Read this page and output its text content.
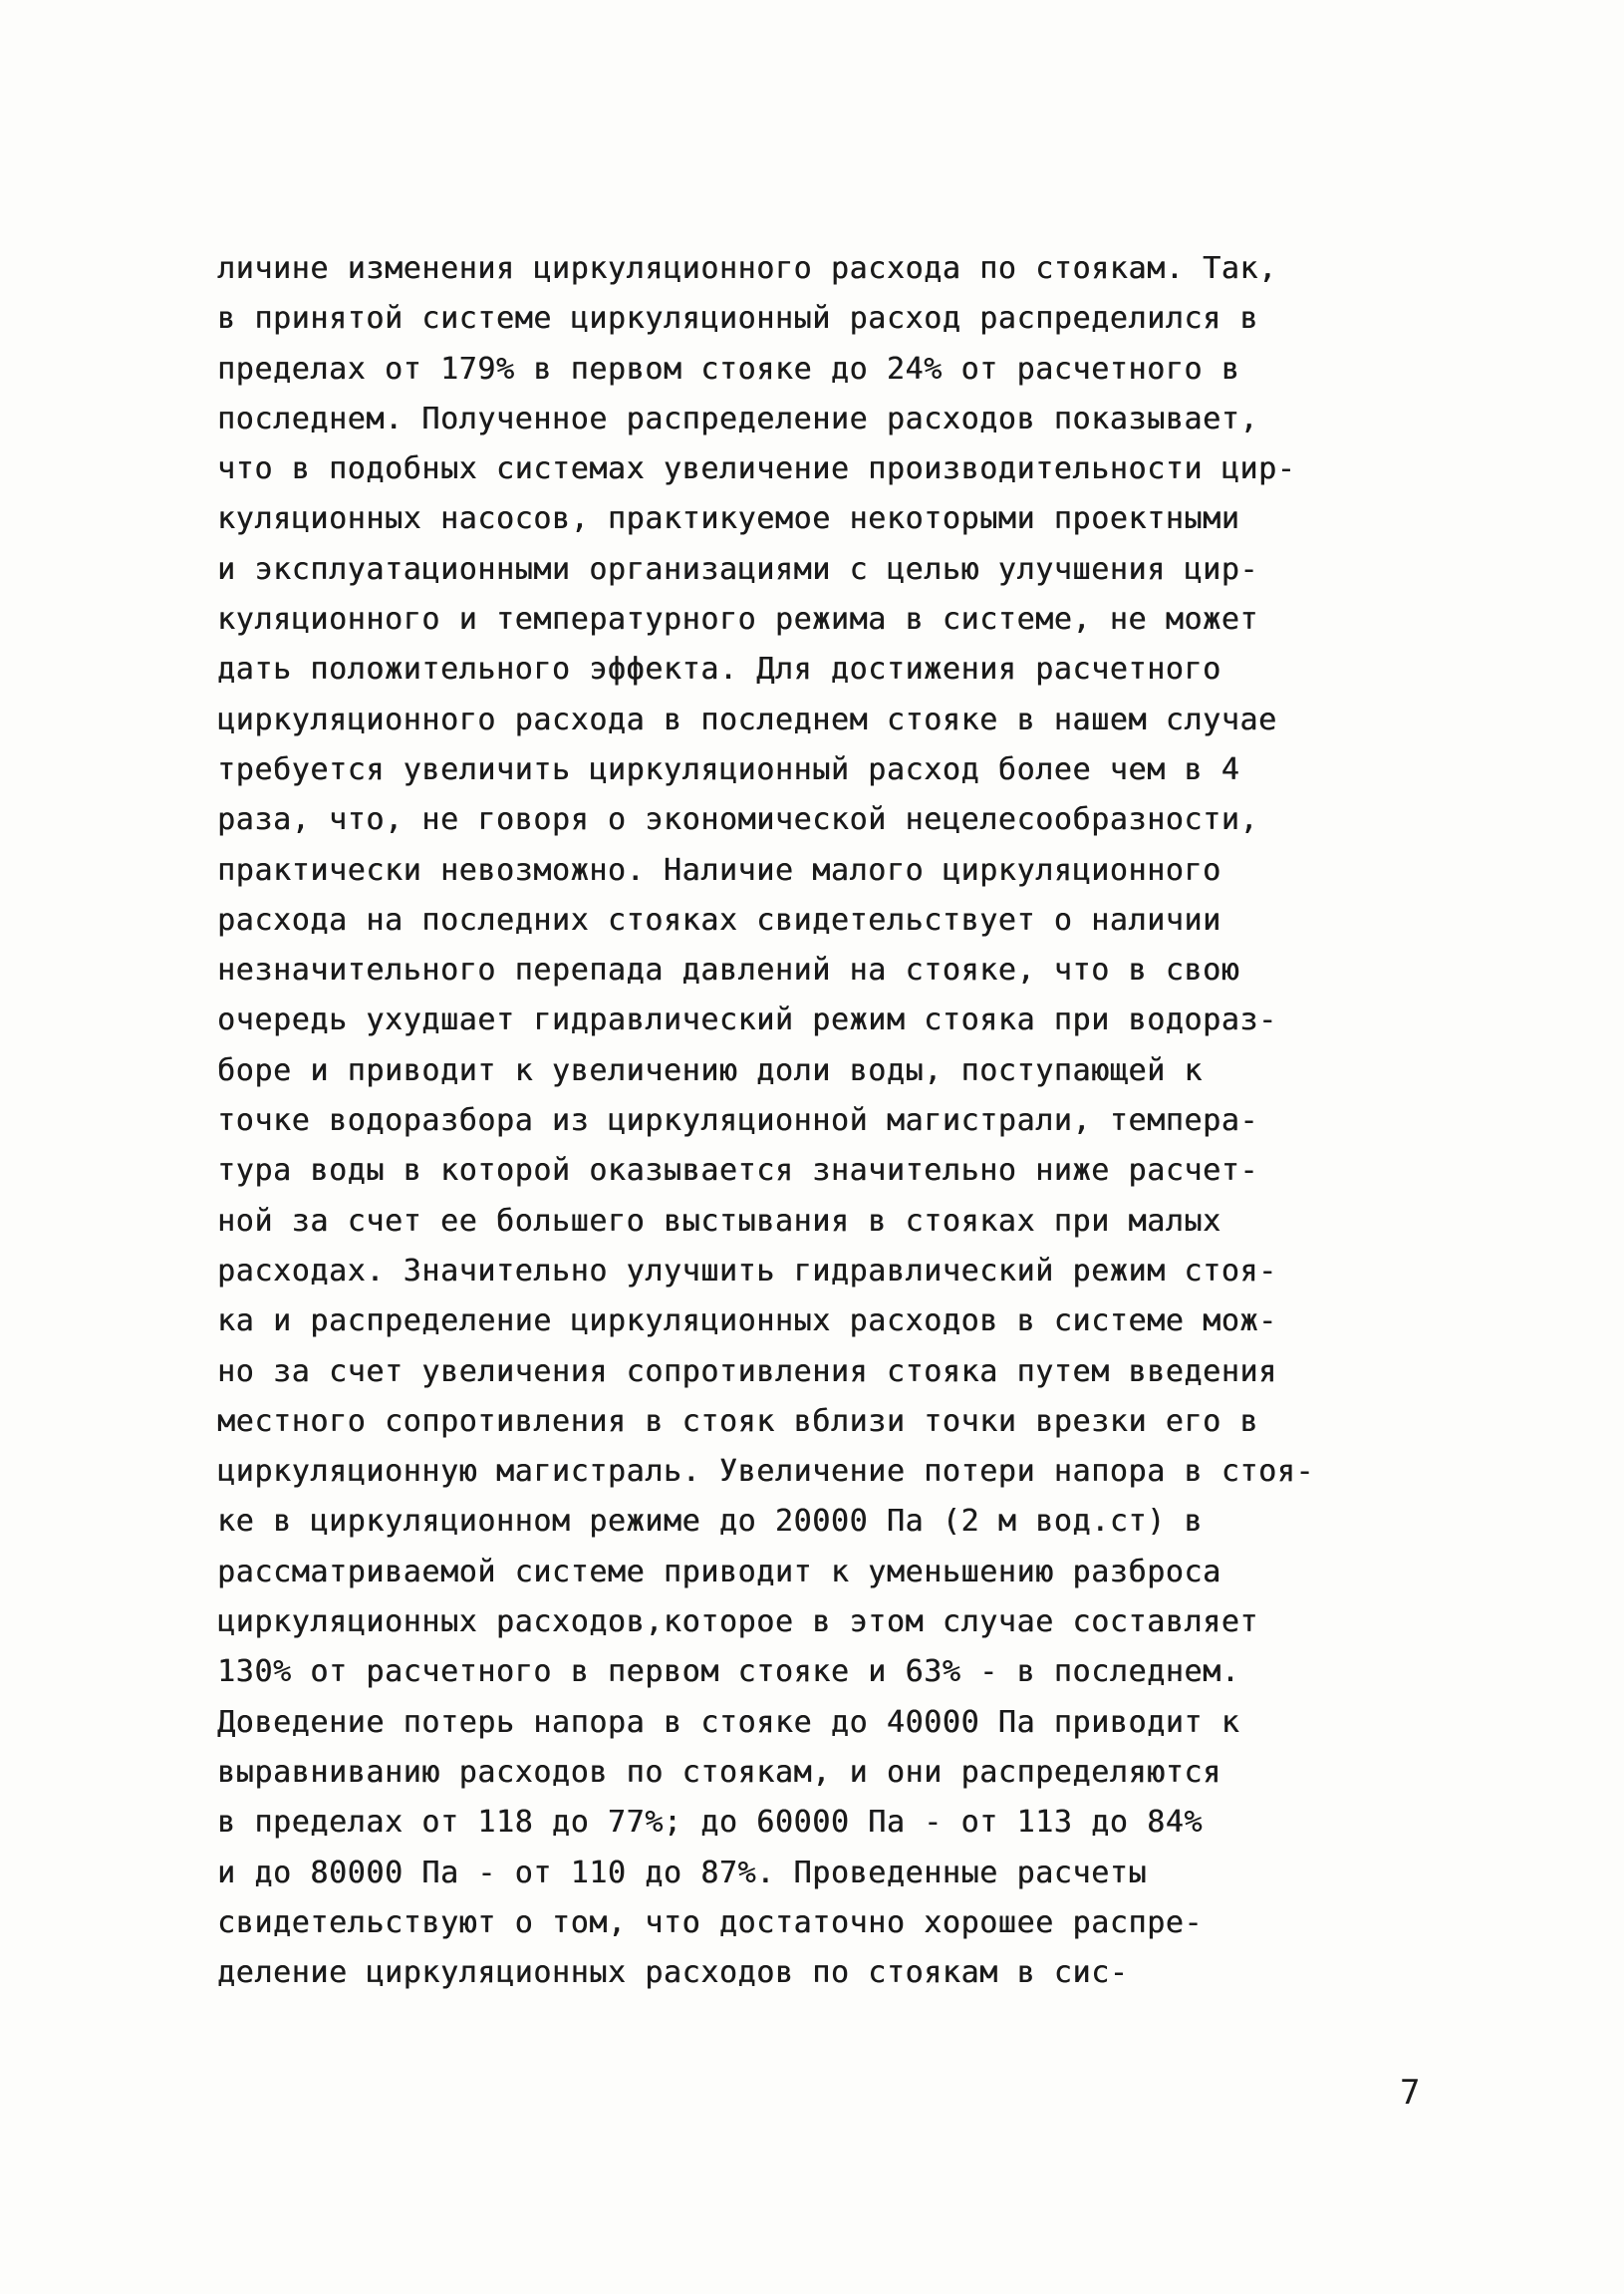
личине изменения циркуляционного расхода по стоякам. Так,
в принятой системе циркуляционный расход распределился в
пределах от 179% в первом стояке до 24% от расчетного в
последнем. Полученное распределение расходов показывает,
что в подобных системах увеличение производительности цир-
куляционных насосов, практикуемое некоторыми проектными
и эксплуатационными организациями с целью улучшения цир-
куляционного и температурного режима в системе, не может
дать положительного эффекта. Для достижения расчетного
циркуляционного расхода в последнем стояке в нашем случае
требуется увеличить циркуляционный расход более чем в 4
раза, что, не говоря о экономической нецелесообразности,
практически невозможно. Наличие малого циркуляционного
расхода на последних стояках свидетельствует о наличии
незначительного перепада давлений на стояке, что в свою
очередь ухудшает гидравлический режим стояка при водораз-
боре и приводит к увеличению доли воды, поступающей к
точке водоразбора из циркуляционной магистрали, темпера-
тура воды в которой оказывается значительно ниже расчет-
ной за счет ее большего выстывания в стояках при малых
расходах. Значительно улучшить гидравлический режим стоя-
ка и распределение циркуляционных расходов в системе мож-
но за счет увеличения сопротивления стояка путем введения
местного сопротивления в стояк вблизи точки врезки его в
циркуляционную магистраль. Увеличение потери напора в стоя-
ке в циркуляционном режиме до 20000 Па (2 м вод.ст) в
рассматриваемой системе приводит к уменьшению разброса
циркуляционных расходов,которое в этом случае составляет
130% от расчетного в первом стояке и 63% - в последнем.
Доведение потерь напора в стояке до 40000 Па приводит к
выравниванию расходов по стоякам, и они распределяются
в пределах от 118 до 77%; до 60000 Па - от 113 до 84%
и до 80000 Па - от 110 до 87%. Проведенные расчеты
свидетельствуют о том, что достаточно хорошее распре-
деление циркуляционных расходов по стоякам в сис-
7
